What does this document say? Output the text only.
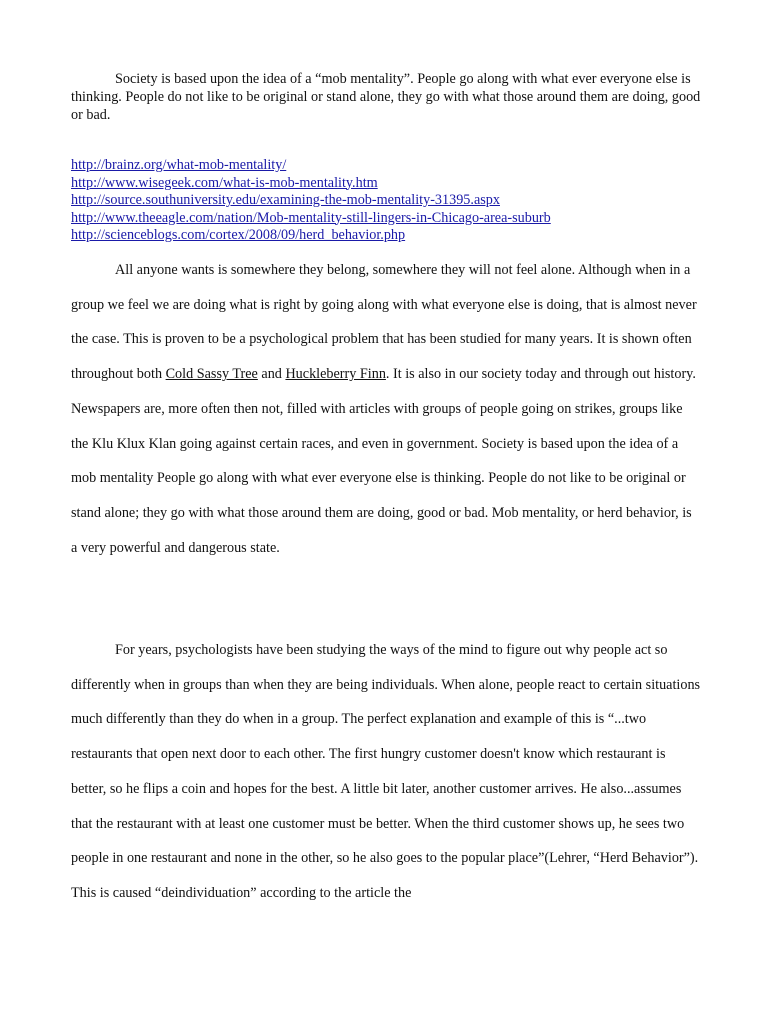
Society is based upon the idea of a “mob mentality”. People go along with what ever everyone else is thinking. People do not like to be original or stand alone, they go with what those around them are doing, good or bad.

http://brainz.org/what-mob-mentality/
http://www.wisegeek.com/what-is-mob-mentality.htm
http://source.southuniversity.edu/examining-the-mob-mentality-31395.aspx
http://www.theeagle.com/nation/Mob-mentality-still-lingers-in-Chicago-area-suburb
http://scienceblogs.com/cortex/2008/09/herd_behavior.php

All anyone wants is somewhere they belong, somewhere they will not feel alone. Although when in a group we feel we are doing what is right by going along with what everyone else is doing, that is almost never the case. This is proven to be a psychological problem that has been studied for many years. It is shown often throughout both Cold Sassy Tree and Huckleberry Finn. It is also in our society today and through out history. Newspapers are, more often then not, filled with articles with groups of people going on strikes, groups like the Klu Klux Klan going against certain races, and even in government. Society is based upon the idea of a mob mentality People go along with what ever everyone else is thinking. People do not like to be original or stand alone; they go with what those around them are doing, good or bad. Mob mentality, or herd behavior, is a very powerful and dangerous state.

For years, psychologists have been studying the ways of the mind to figure out why people act so differently when in groups than when they are being individuals. When alone, people react to certain situations much differently than they do when in a group. The perfect explanation and example of this is “...two restaurants that open next door to each other. The first hungry customer doesn't know which restaurant is better, so he flips a coin and hopes for the best. A little bit later, another customer arrives. He also...assumes that the restaurant with at least one customer must be better. When the third customer shows up, he sees two people in one restaurant and none in the other, so he also goes to the popular place”(Lehrer, “Herd Behavior”). This is caused “deindividuation” according to the article the
